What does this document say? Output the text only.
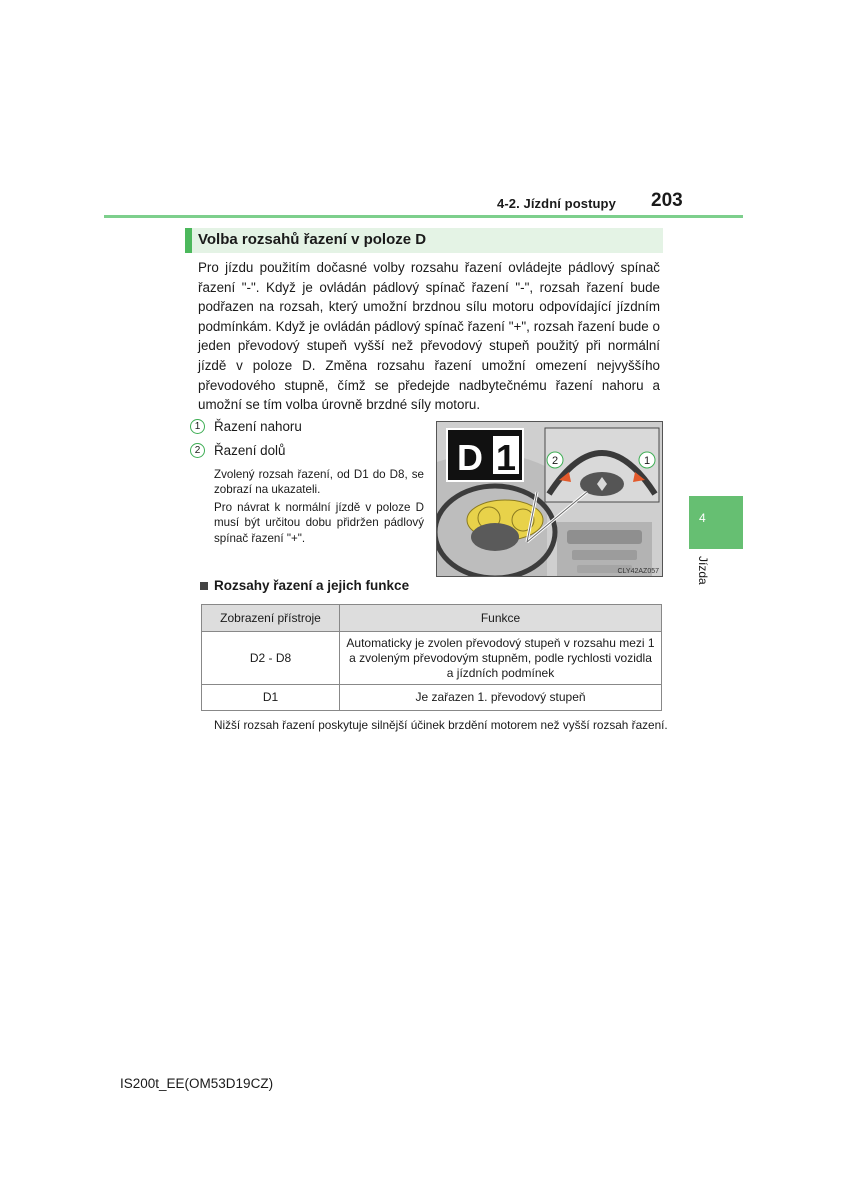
4-2. Jízdní postupy 203
Volba rozsahů řazení v poloze D

Pro jízdu použitím dočasné volby rozsahu řazení ovládejte pádlový spínač řazení "-". Když je ovládán pádlový spínač řazení "-", rozsah řazení bude podřazen na rozsah, který umožní brzdnou sílu motoru odpovídající jízdním podmínkám. Když je ovládán pádlový spínač řazení "+", rozsah řazení bude o jeden převodový stupeň vyšší než převodový stupeň použitý při normální jízdě v poloze D. Změna rozsahu řazení umožní omezení nejvyššího převodového stupně, čímž se předejde nadbytečnému řazení nahoru a umožní se tím volba úrovně brzdné síly motoru.

1	Řazení nahoru
2	Řazení dolů

Zvolený rozsah řazení, od D1 do D8, se zobrazí na ukazateli.

Pro návrat k normální jízdě v poloze D musí být určitou dobu přidržen pádlový spínač řazení "+".

2	1
D 1
CLY42AZ057
Rozsahy řazení a jejich funkce
Zobrazení přístroje	Funkce
D2 - D8	Automaticky je zvolen převodový stupeň v rozsahu mezi 1
a zvoleným převodovým stupněm, podle rychlosti vozidla
a jízdních podmínek

D1	Je zařazen 1. převodový stupeň

Nižší rozsah řazení poskytuje silnější účinek brzdění motorem než vyšší rozsah řazení.

4
Jízda
IS200t_EE(OM53D19CZ)
